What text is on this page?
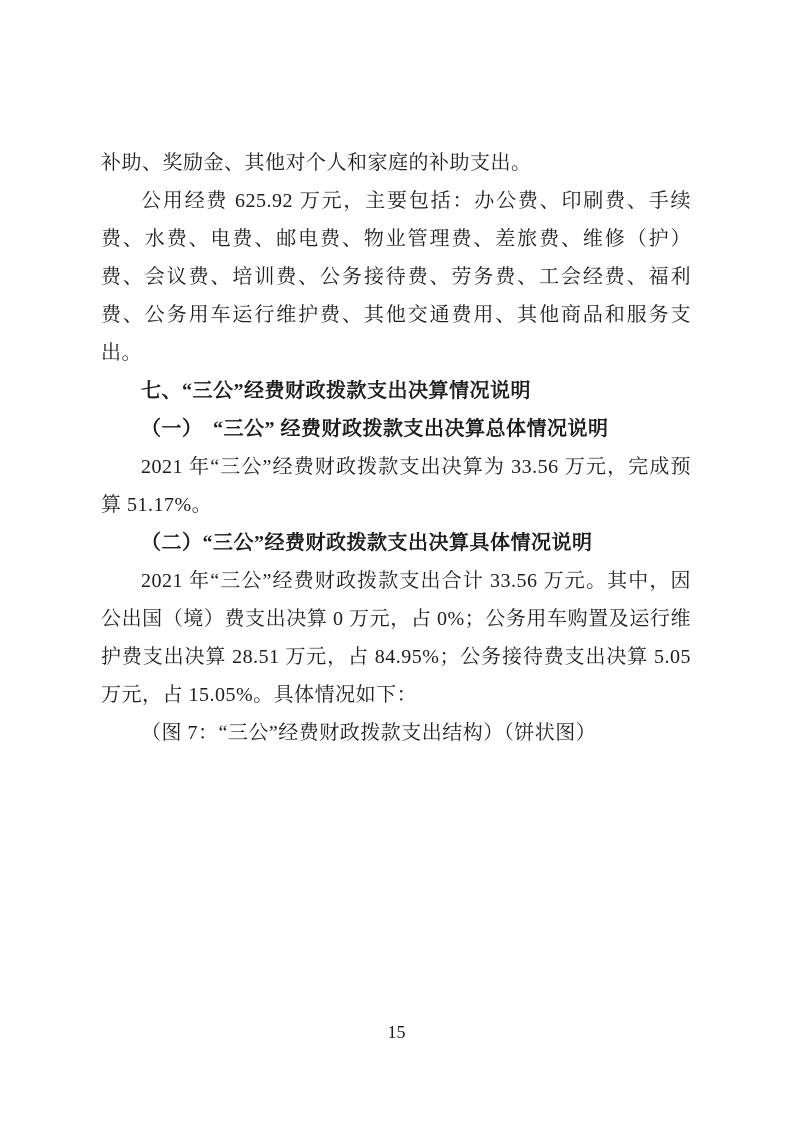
补助、奖励金、其他对个人和家庭的补助支出。

公用经费 625.92 万元，主要包括：办公费、印刷费、手续费、水费、电费、邮电费、物业管理费、差旅费、维修（护）费、会议费、培训费、公务接待费、劳务费、工会经费、福利费、公务用车运行维护费、其他交通费用、其他商品和服务支出。

七、“三公”经费财政拨款支出决算情况说明

（一）　“三公” 经费财政拨款支出决算总体情况说明

2021 年“三公”经费财政拨款支出决算为 33.56 万元，完成预算 51.17%。

（二）“三公”经费财政拨款支出决算具体情况说明

2021 年“三公”经费财政拨款支出合计 33.56 万元。其中，因公出国（境）费支出决算 0 万元，占 0%；公务用车购置及运行维护费支出决算 28.51 万元，占 84.95%；公务接待费支出决算 5.05 万元，占 15.05%。具体情况如下：

（图 7：“三公”经费财政拨款支出结构）（饼状图）

15
